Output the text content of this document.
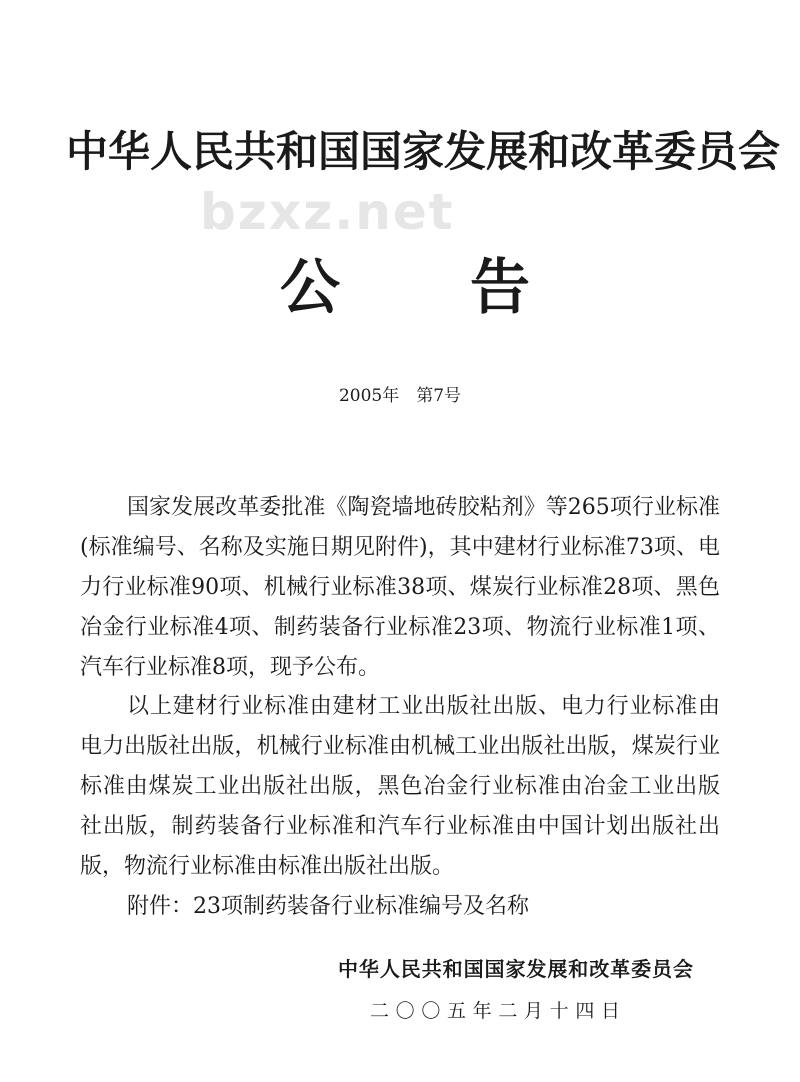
bzxz.net
中华人民共和国国家发展和改革委员会
公 告
2005年　第7号
国家发展改革委批准《陶瓷墙地砖胶粘剂》等265项行业标准
(标准编号、名称及实施日期见附件)，其中建材行业标准73项、电
力行业标准90项、机械行业标准38项、煤炭行业标准28项、黑色
冶金行业标准4项、制药装备行业标准23项、物流行业标准1项、
汽车行业标准8项，现予公布。
以上建材行业标准由建材工业出版社出版、电力行业标准由
电力出版社出版，机械行业标准由机械工业出版社出版，煤炭行业
标准由煤炭工业出版社出版，黑色冶金行业标准由冶金工业出版
社出版，制药装备行业标准和汽车行业标准由中国计划出版社出
版，物流行业标准由标准出版社出版。
附件：23项制药装备行业标准编号及名称
中华人民共和国国家发展和改革委员会
二〇〇五年二月十四日
